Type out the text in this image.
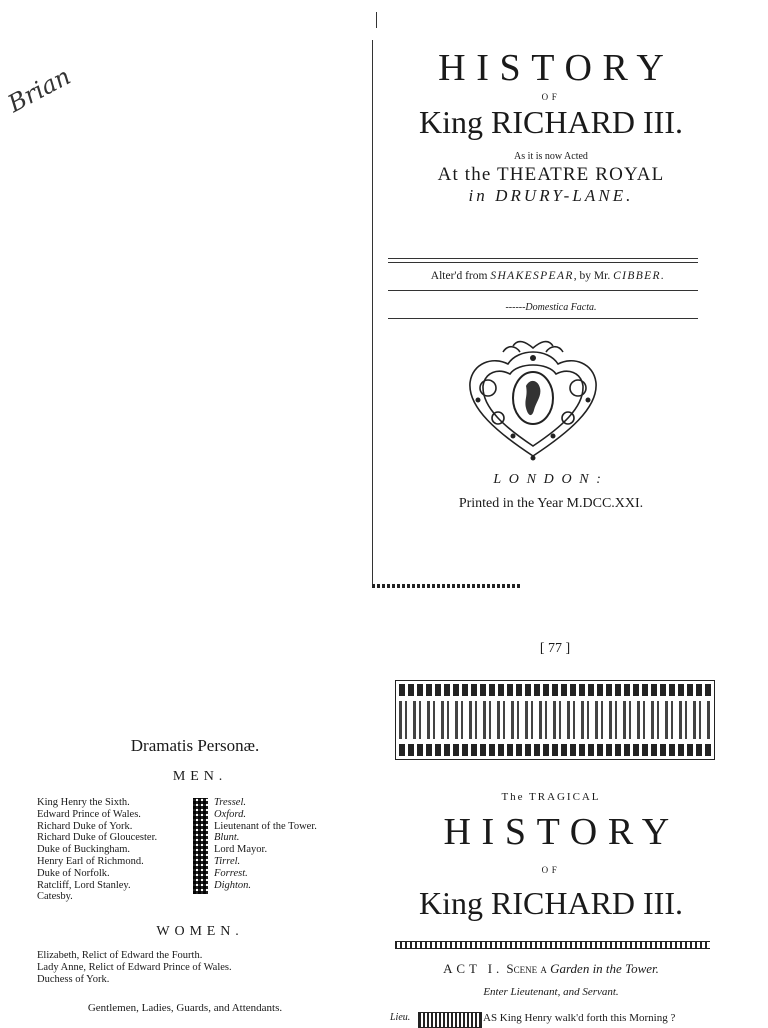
Brian	HISTORY
OF
King RICHARD III.
As it is now Acted
At the THEATRE ROYAL
in DRURY-LANE.
Alter'd from SHAKESPEAR, by Mr. CIBBER.
------Domestica Facta.
LONDON:
Printed in the Year M.DCC.XXI.
[ 77 ]
The TRAGICAL
HISTORY
OF
King RICHARD III.
ACT I. Scene a Garden in the Tower.
Enter Lieutenant, and Servant.
Lieu.	AS King Henry walk'd forth this Morning ?
Dramatis Personæ.
MEN.
King Henry the Sixth.
Edward Prince of Wales.
Richard Duke of York.
Richard Duke of Gloucester.
Duke of Buckingham.
Henry Earl of Richmond.
Duke of Norfolk.
Ratcliff, Lord Stanley.
Catesby.
Tressel.
Oxford.
Lieutenant of the Tower.
Blunt.
Lord Mayor.
Tirrel.
Forrest.
Dighton.
WOMEN.
Elizabeth, Relict of Edward the Fourth.
Lady Anne, Relict of Edward Prince of Wales.
Duchess of York.
Gentlemen, Ladies, Guards, and Attendants.
